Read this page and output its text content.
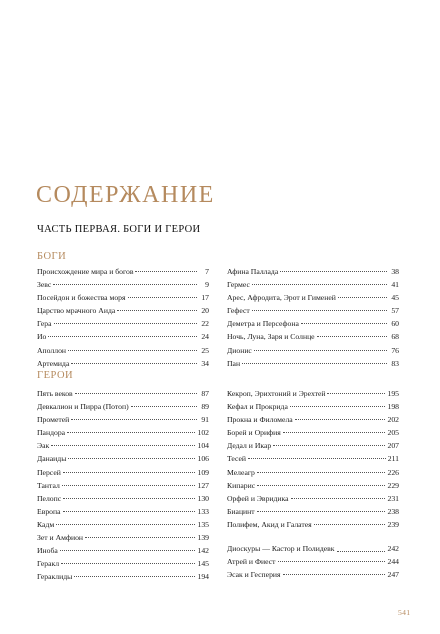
СОДЕРЖАНИЕ
ЧАСТЬ ПЕРВАЯ. БОГИ И ГЕРОИ
БОГИ
Происхождение мира и богов	7
Зевс	9
Посейдон и божества моря	17
Царство мрачного Аида	20
Гера	22
Ио	24
Аполлон	25
Артемида	34
Афина Паллада	38
Гермес	41
Арес, Афродита, Эрот и Гименей	45
Гефест	57
Деметра и Персефона	60
Ночь, Луна, Заря и Солнце	68
Дионис	76
Пан	83
ГЕРОИ
Пять веков	87
Девкалион и Пирра (Потоп)	89
Прометей	91
Пандора	102
Эак	104
Данаиды	106
Персей	109
Тантал	127
Пелопс	130
Европа	133
Кадм	135
Зет и Амфион	139
Иноба	142
Геракл	145
Гераклиды	194
Кекроп, Эрихтоний и Эрехтей	195
Кефал и Прокрида	198
Прокна и Филомела	202
Борей и Орифия	205
Дедал и Икар	207
Тесей	211
Мелеагр	226
Кипарис	229
Орфей и Эвридика	231
Биацинт	238
Полифем, Акид и Галатея	239
Диоскуры — Кастор и Полидевк	242
Атрей и Фиест	244
Эсак и Гесперия	247
541
